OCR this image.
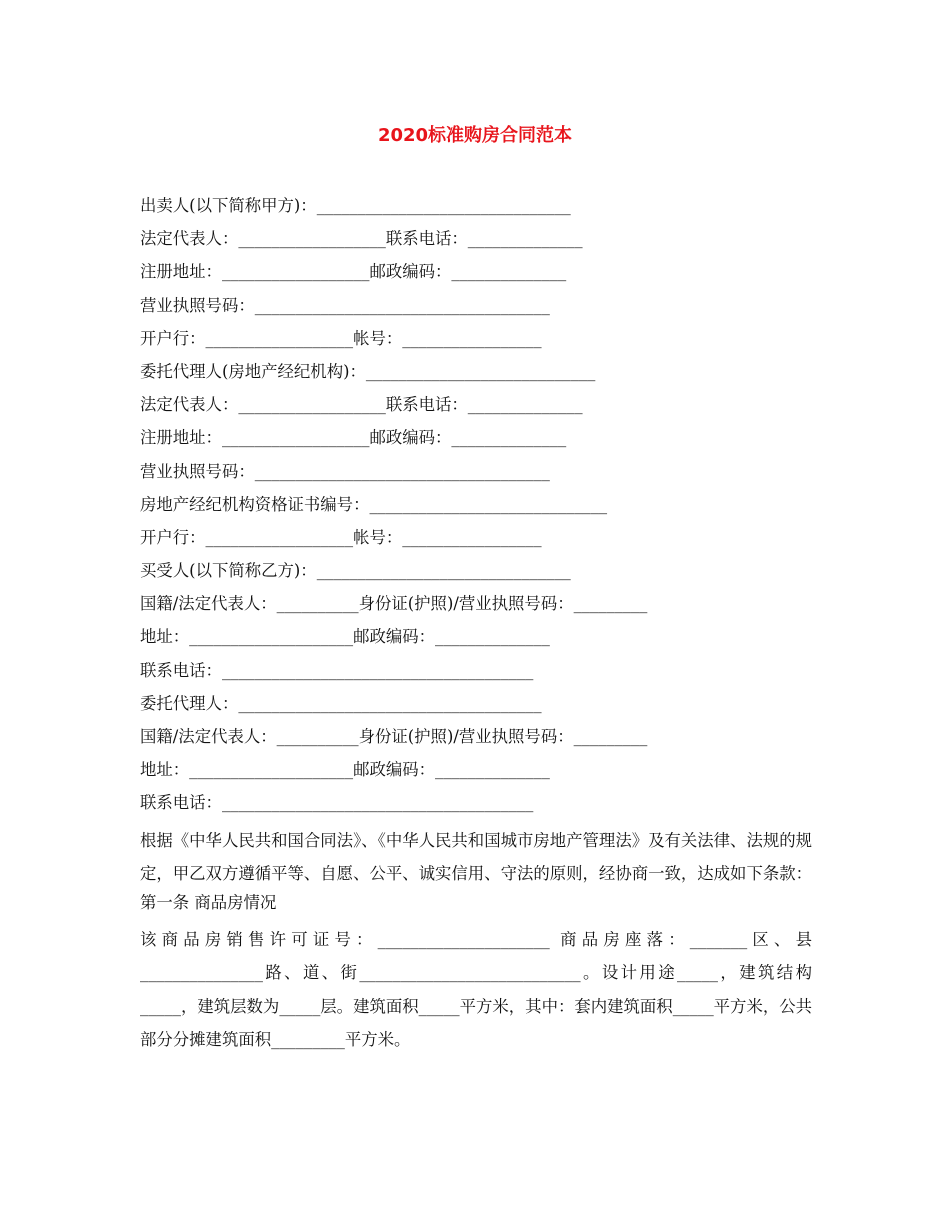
2020标准购房合同范本
出卖人(以下简称甲方)：_______________________________
法定代表人：__________________联系电话：______________
注册地址：__________________邮政编码：______________
营业执照号码：____________________________________
开户行：__________________帐号：_________________
委托代理人(房地产经纪机构)：____________________________
法定代表人：__________________联系电话：______________
注册地址：__________________邮政编码：______________
营业执照号码：____________________________________
房地产经纪机构资格证书编号：_____________________________
开户行：__________________帐号：_________________
买受人(以下简称乙方)：_______________________________
国籍/法定代表人：__________身份证(护照)/营业执照号码：_________
地址：____________________邮政编码：______________
联系电话：______________________________________
委托代理人：_____________________________________
国籍/法定代表人：__________身份证(护照)/营业执照号码：_________
地址：____________________邮政编码：______________
联系电话：______________________________________
根据《中华人民共和国合同法》、《中华人民共和国城市房地产管理法》及有关法律、法规的规定，甲乙双方遵循平等、自愿、公平、诚实信用、守法的原则，经协商一致，达成如下条款：
第一条 商品房情况
该商品房销售许可证号：_____________________ 商品房座落：_______区、县_______________路、道、街___________________________。设计用途_____，建筑结构_____，建筑层数为_____层。建筑面积_____平方米，其中：套内建筑面积_____平方米，公共部分分摊建筑面积_________平方米。
